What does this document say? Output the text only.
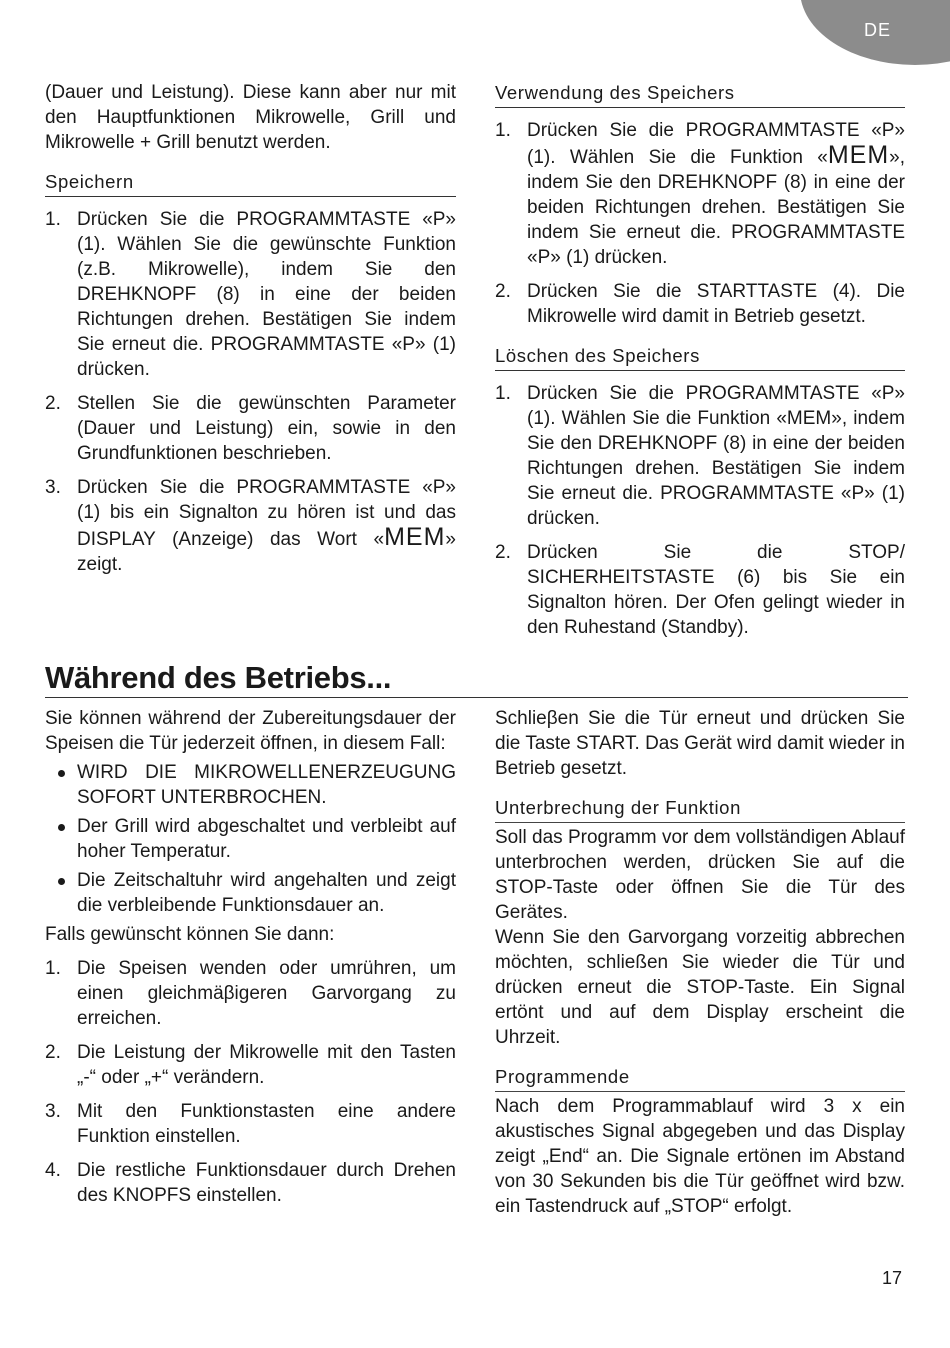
DE

(Dauer und Leistung). Diese kann aber nur mit den Hauptfunktionen Mikrowelle, Grill und Mikrowelle + Grill benutzt werden.

Speichern
1. Drücken Sie die PROGRAMMTASTE «P» (1). Wählen Sie die gewünschte Funktion (z.B. Mikrowelle), indem Sie den DREHKNOPF (8) in eine der beiden Richtungen drehen. Bestätigen Sie indem Sie erneut die. PROGRAMMTASTE «P» (1) drücken.
2. Stellen Sie die gewünschten Parameter (Dauer und Leistung) ein, sowie in den Grundfunktionen beschrieben.
3. Drücken Sie die PROGRAMMTASTE «P» (1) bis ein Signalton zu hören ist und das DISPLAY (Anzeige) das Wort «MEM» zeigt.
Verwendung des Speichers
1. Drücken Sie die PROGRAMMTASTE «P» (1). Wählen Sie die Funktion «MEM», indem Sie den DREHKNOPF (8) in eine der beiden Richtungen drehen. Bestätigen Sie indem Sie erneut die. PROGRAMMTASTE «P» (1) drücken.
2. Drücken Sie die STARTTASTE (4). Die Mikrowelle wird damit in Betrieb gesetzt.
Löschen des Speichers
1. Drücken Sie die PROGRAMMTASTE «P» (1). Wählen Sie die Funktion «MEM», indem Sie den DREHKNOPF (8) in eine der beiden Richtungen drehen. Bestätigen Sie indem Sie erneut die. PROGRAMMTASTE «P» (1) drücken.
2. Drücken Sie die STOP/ SICHERHEITSTASTE (6) bis Sie ein Signalton hören. Der Ofen gelingt wieder in den Ruhestand (Standby).
Während des Betriebs...

Sie können während der Zubereitungsdauer der Speisen die Tür jederzeit öffnen, in diesem Fall:

WIRD DIE MIKROWELLENERZEUGUNG SOFORT UNTERBROCHEN.
Der Grill wird abgeschaltet und verbleibt auf hoher Temperatur.
Die Zeitschaltuhr wird angehalten und zeigt die verbleibende Funktionsdauer an.

Falls gewünscht können Sie dann:

1. Die Speisen wenden oder umrühren, um einen gleichmäβigeren Garvorgang zu erreichen.
2. Die Leistung der Mikrowelle mit den Tasten „-“ oder „+“ verändern.
3. Mit den Funktionstasten eine andere Funktion einstellen.
4. Die restliche Funktionsdauer durch Drehen des KNOPFS einstellen.

Schlieβen Sie die Tür erneut und drücken Sie die Taste START. Das Gerät wird damit wieder in Betrieb gesetzt.

Unterbrechung der Funktion

Soll das Programm vor dem vollständigen Ablauf unterbrochen werden, drücken Sie auf die STOP-Taste oder öffnen Sie die Tür des Gerätes.

Wenn Sie den Garvorgang vorzeitig abbrechen möchten, schließen Sie wieder die Tür und drücken erneut die STOP-Taste. Ein Signal ertönt und auf dem Display erscheint die Uhrzeit.

Programmende

Nach dem Programmablauf wird 3 x ein akustisches Signal abgegeben und das Display zeigt „End“ an. Die Signale ertönen im Abstand von 30 Sekunden bis die Tür geöffnet wird bzw. ein Tastendruck auf „STOP“ erfolgt.

17
